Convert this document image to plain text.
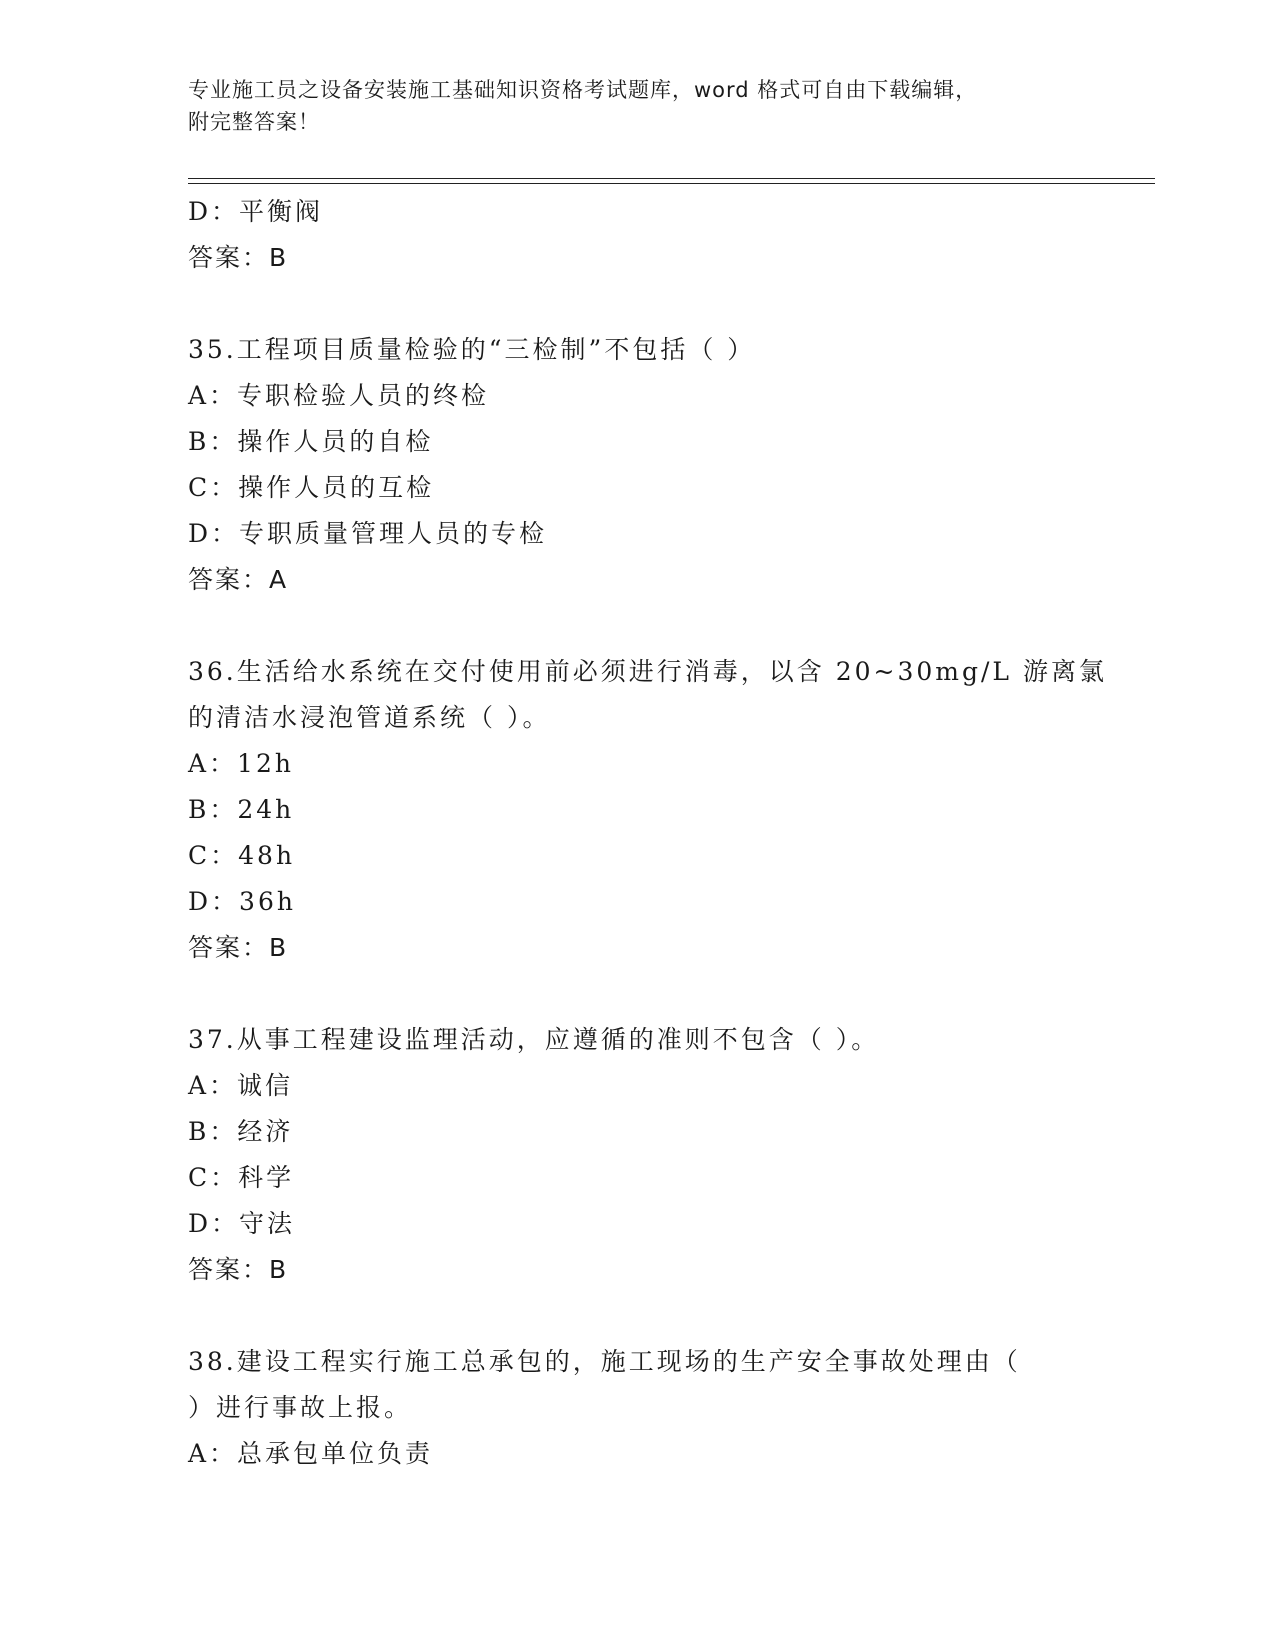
专业施工员之设备安装施工基础知识资格考试题库，word 格式可自由下载编辑，
附完整答案！
D：平衡阀
答案：B
35.工程项目质量检验的“三检制”不包括（ ）
A：专职检验人员的终检
B：操作人员的自检
C：操作人员的互检
D：专职质量管理人员的专检
答案：A
36.生活给水系统在交付使用前必须进行消毒，以含 20~30mg/L 游离氯
的清洁水浸泡管道系统（ ）。
A：12h
B：24h
C：48h
D：36h
答案：B
37.从事工程建设监理活动，应遵循的准则不包含（ ）。
A：诚信
B：经济
C：科学
D：守法
答案：B
38.建设工程实行施工总承包的，施工现场的生产安全事故处理由（
）进行事故上报。
A：总承包单位负责
